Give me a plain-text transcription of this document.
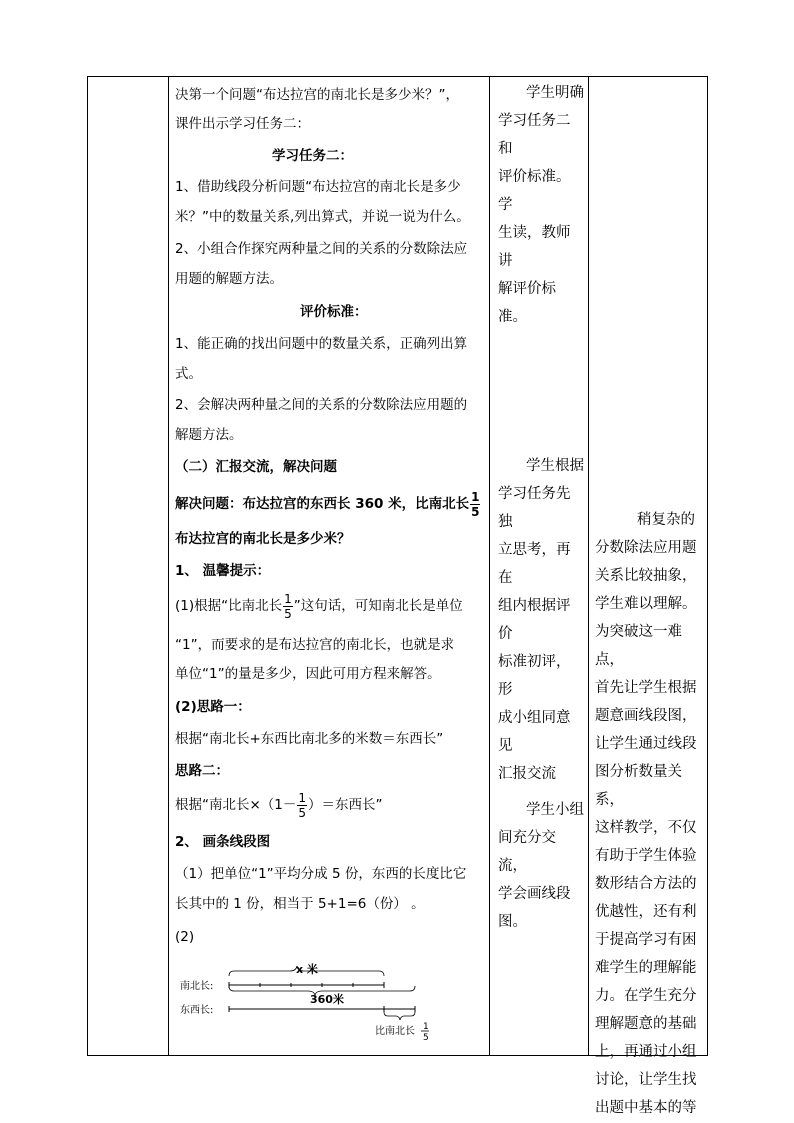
决第一个问题“布达拉宫的南北长是多少米？”，
课件出示学习任务二：
学习任务二：
1、借助线段分析问题“布达拉宫的南北长是多少
米？”中的数量关系,列出算式，并说一说为什么。
2、小组合作探究两种量之间的关系的分数除法应
用题的解题方法。
评价标准：
1、能正确的找出问题中的数量关系，正确列出算
式。
2、会解决两种量之间的关系的分数除法应用题的
解题方法。
（二）汇报交流，解决问题
解决问题：布达拉宫的东西长 360 米，比南北长 $\frac{1}{5}$
布达拉宫的南北长是多少米？
1、 温馨提示：
(1)根据“比南北长 $\frac{1}{5}$ ”这句话，可知南北长是单位
“1”，而要求的是布达拉宫的南北长，也就是求
单位“1”的量是多少，因此可用方程来解答。
(2)思路一：
根据“南北长+东西比南北多的米数＝东西长”
思路二：
根据“南北长$\times(1- \frac{1}{5}$ ）＝东西长”
2、 画条线段图
（1）把单位“1”平均分成 5 份，东西的长度比它
长其中的 1 份，相当于 5+1=6（份） 。
(2)
x 米
南北长:
360米
东西长:
比南北长 1
5
学生明确
学习任务二和
评价标准。学
生读，教师讲
解评价标准。
学生根据
学习任务先独
立思考，再在
组内根据评价
标准初评，形
成小组同意见
汇报交流
学生小组
间充分交流，
学会画线段图。
稍复杂的
分数除法应用题
关系比较抽象，
学生难以理解。
为突破这一难点，
首先让学生根据
题意画线段图，
让学生通过线段
图分析数量关系，
这样教学，不仅
有助于学生体验
数形结合方法的
优越性，还有利
于提高学习有困
难学生的理解能
力。在学生充分
理解题意的基础
上，再通过小组
讨论，让学生找
出题中基本的等
